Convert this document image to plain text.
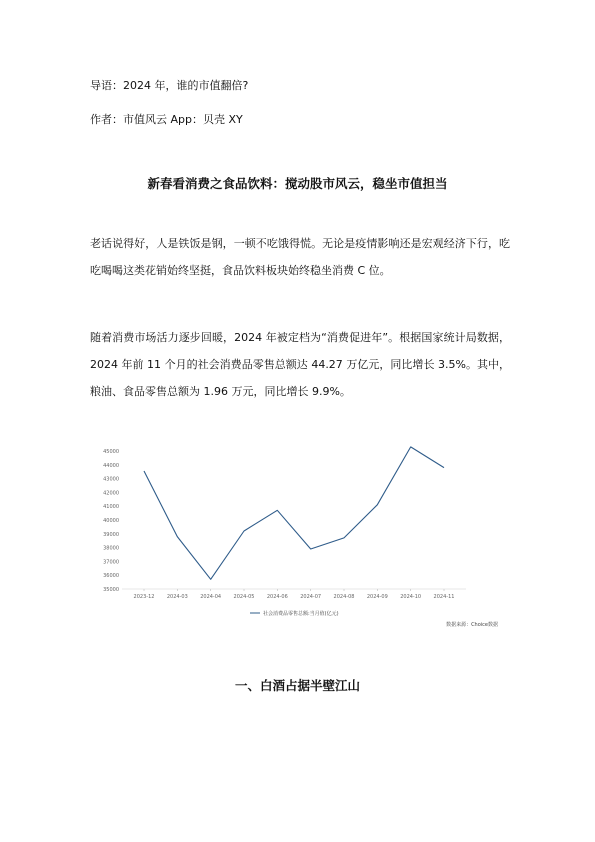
导语：2024 年，谁的市值翻倍?
作者：市值风云 App：贝壳 XY
新春看消费之食品饮料：搅动股市风云，稳坐市值担当
老话说得好，人是铁饭是钢，一顿不吃饿得慌。无论是疫情影响还是宏观经济下行，吃吃喝喝这类花销始终坚挺，食品饮料板块始终稳坐消费 C 位。
随着消费市场活力逐步回暖，2024 年被定档为“消费促进年”。根据国家统计局数据，2024 年前 11 个月的社会消费品零售总额达 44.27 万亿元，同比增长 3.5%。其中，粮油、食品零售总额为 1.96 万元，同比增长 9.9%。
45000
44000
43000
42000
41000
40000
39000
38000
37000
36000
35000
2023-12 2024-03 2024-04 2024-05 2024-06 2024-07 2024-08 2024-09 2024-10 2024-11
社会消费品零售总额:当月值(亿元)
数据来源：Choice数据
一、白酒占据半壁江山
